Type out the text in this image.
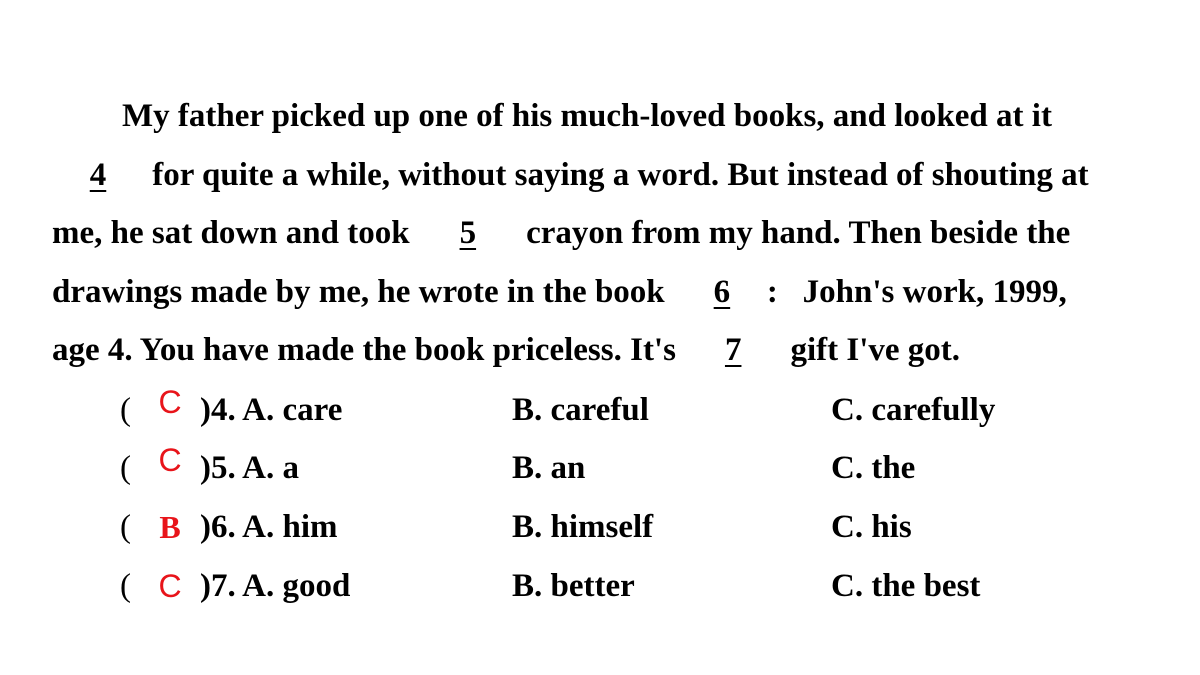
My father picked up one of his much-loved books, and looked at it
4 for quite a while, without saying a word. But instead of shouting at
me, he sat down and took 5 crayon from my hand. Then beside the
drawings made by me, he wrote in the book 6 :   John's work, 1999,
age 4. You have made the book priceless. It's 7 gift I've got.
( C )4. A. care	B. careful	C. carefully
( C )5. A. a	B. an	C. the
( B )6. A. him	B. himself	C. his
( C )7. A. good	B. better	C. the best
